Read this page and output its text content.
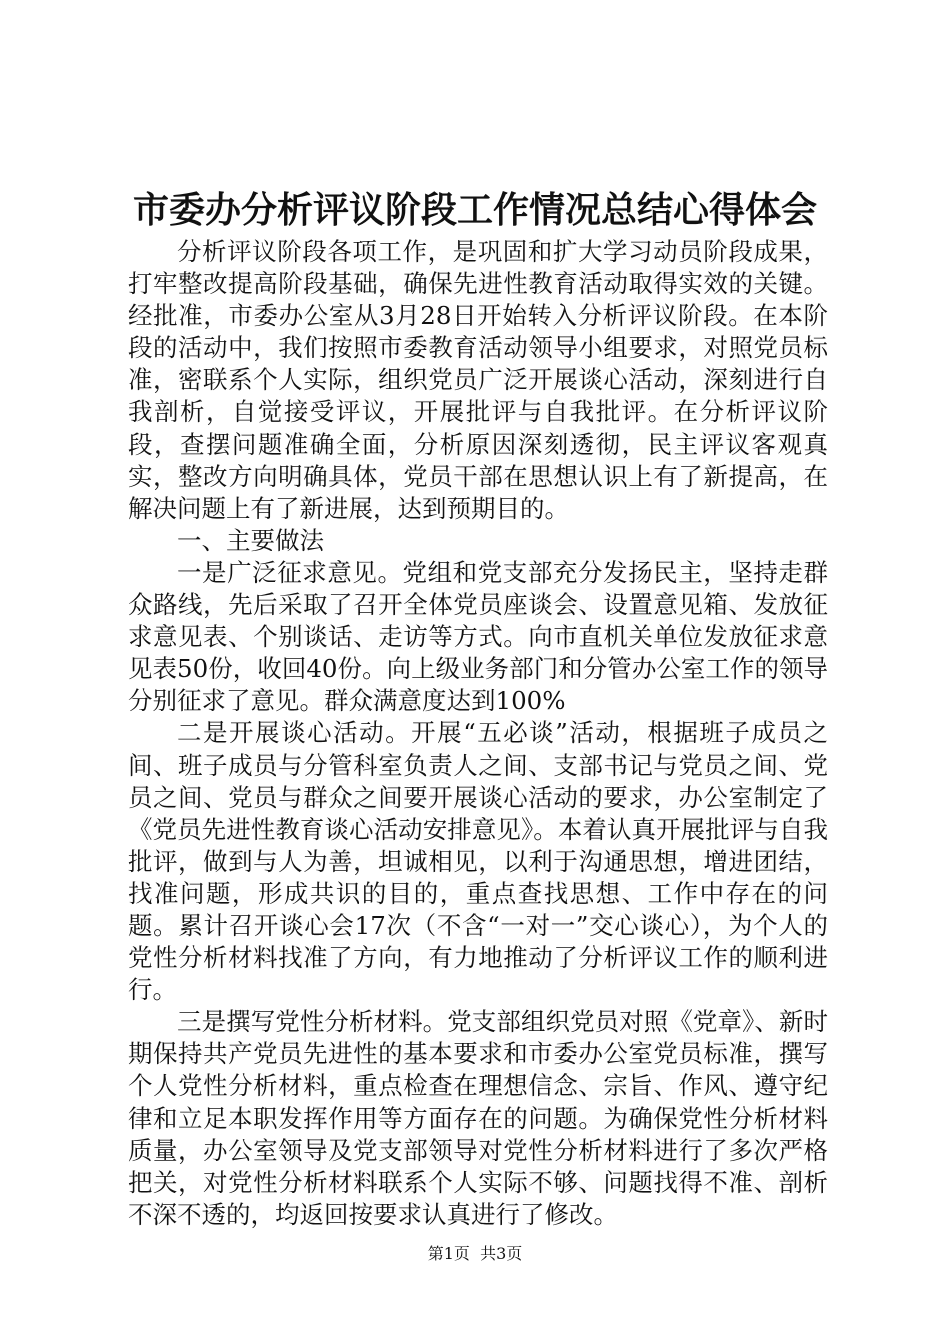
市委办分析评议阶段工作情况总结心得体会

分析评议阶段各项工作，是巩固和扩大学习动员阶段成果，打牢整改提高阶段基础，确保先进性教育活动取得实效的关键。经批准，市委办公室从3月28日开始转入分析评议阶段。在本阶段的活动中，我们按照市委教育活动领导小组要求，对照党员标准，密联系个人实际，组织党员广泛开展谈心活动，深刻进行自我剖析，自觉接受评议，开展批评与自我批评。在分析评议阶段，查摆问题准确全面，分析原因深刻透彻，民主评议客观真实，整改方向明确具体，党员干部在思想认识上有了新提高，在解决问题上有了新进展，达到预期目的。

一、主要做法

一是广泛征求意见。党组和党支部充分发扬民主，坚持走群众路线，先后采取了召开全体党员座谈会、设置意见箱、发放征求意见表、个别谈话、走访等方式。向市直机关单位发放征求意见表50份，收回40份。向上级业务部门和分管办公室工作的领导分别征求了意见。群众满意度达到100%

二是开展谈心活动。开展“五必谈”活动，根据班子成员之间、班子成员与分管科室负责人之间、支部书记与党员之间、党员之间、党员与群众之间要开展谈心活动的要求，办公室制定了《党员先进性教育谈心活动安排意见》。本着认真开展批评与自我批评，做到与人为善，坦诚相见，以利于沟通思想，增进团结，找准问题，形成共识的目的，重点查找思想、工作中存在的问题。累计召开谈心会17次（不含“一对一”交心谈心），为个人的党性分析材料找准了方向，有力地推动了分析评议工作的顺利进行。

三是撰写党性分析材料。党支部组织党员对照《党章》、新时期保持共产党员先进性的基本要求和市委办公室党员标准，撰写个人党性分析材料，重点检查在理想信念、宗旨、作风、遵守纪律和立足本职发挥作用等方面存在的问题。为确保党性分析材料质量，办公室领导及党支部领导对党性分析材料进行了多次严格把关，对党性分析材料联系个人实际不够、问题找得不准、剖析不深不透的，均返回按要求认真进行了修改。

第1页  共3页
